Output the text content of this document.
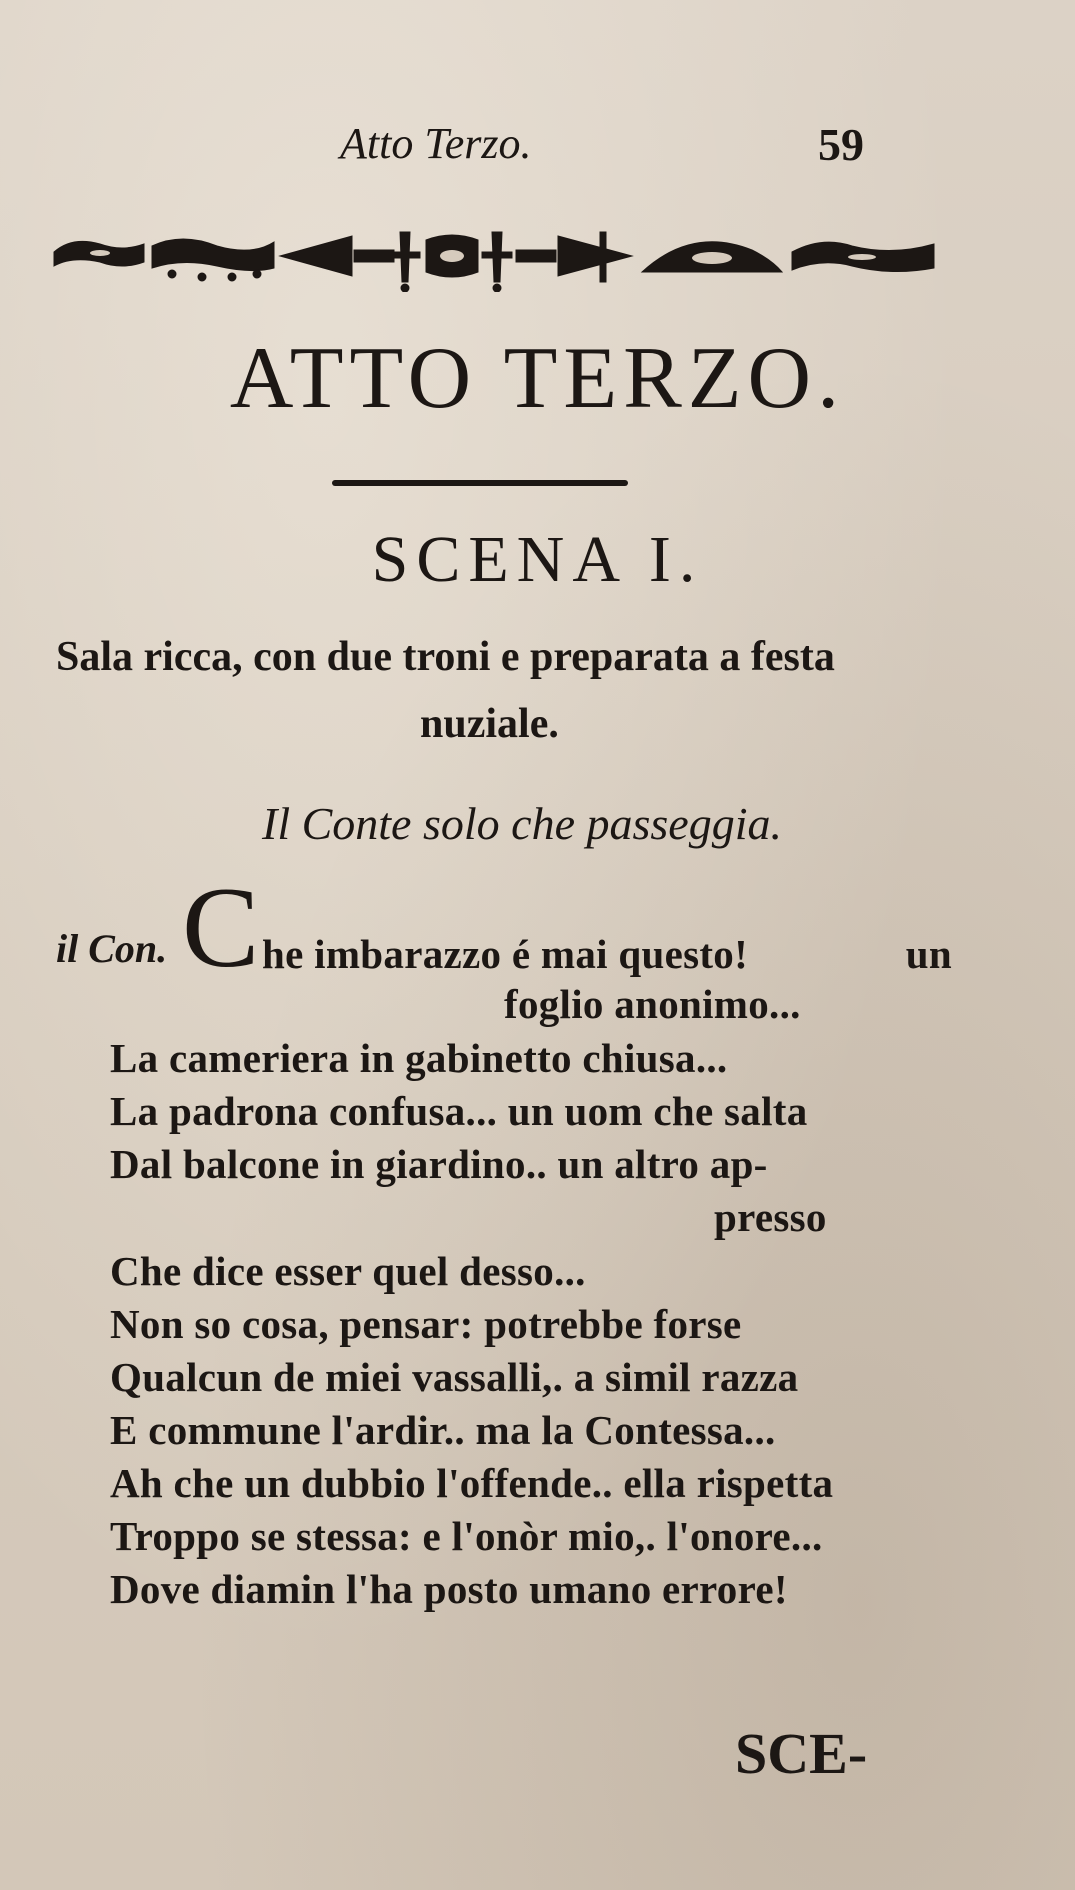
Atto Terzo.	59
ATTO TERZO.
SCENA I.
Sala ricca, con due troni e preparata a festa
nuziale.
Il Conte solo che passeggia.
il Con. C he imbarazzo é mai questo!	un
foglio anonimo...
La cameriera in gabinetto chiusa...
La padrona confusa... un uom che salta
Dal balcone in giardino.. un altro ap-
presso
Che dice esser quel desso...
Non so cosa, pensar: potrebbe forse
Qualcun de miei vassalli,. a simil razza
E commune l'ardir.. ma la Contessa...
Ah che un dubbio l'offende.. ella rispetta
Troppo se stessa: e l'onòr mio,. l'onore...
Dove diamin l'ha posto umano errore!
SCE-
